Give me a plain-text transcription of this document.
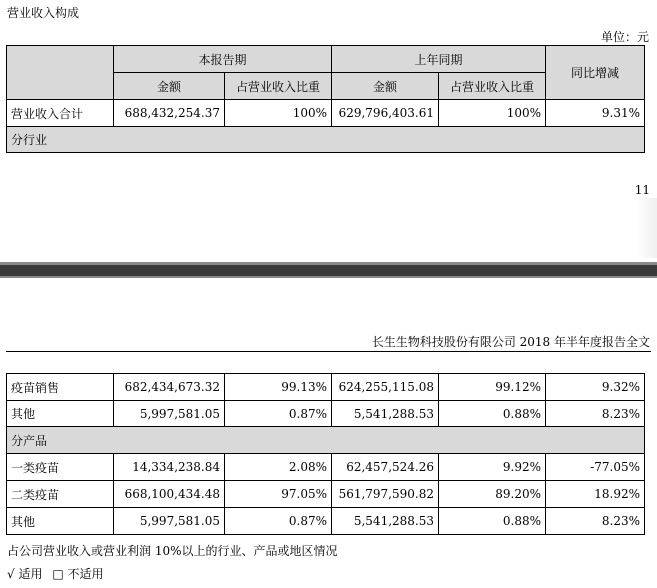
营业收入构成
单位：元
	本报告期		上年同期		同比增减
	金额	占营业收入比重	金额	占营业收入比重	
营业收入合计	688,432,254.37	100%	629,796,403.61	100%	9.31%
分行业					
11
长生生物科技股份有限公司 2018 年半年度报告全文
疫苗销售	682,434,673.32	99.13%	624,255,115.08	99.12%	9.32%
其他	5,997,581.05	0.87%	5,541,288.53	0.88%	8.23%
分产品					
一类疫苗	14,334,238.84	2.08%	62,457,524.26	9.92%	-77.05%
二类疫苗	668,100,434.48	97.05%	561,797,590.82	89.20%	18.92%
其他	5,997,581.05	0.87%	5,541,288.53	0.88%	8.23%
占公司营业收入或营业利润 10%以上的行业、产品或地区情况
√ 适用 □ 不适用
